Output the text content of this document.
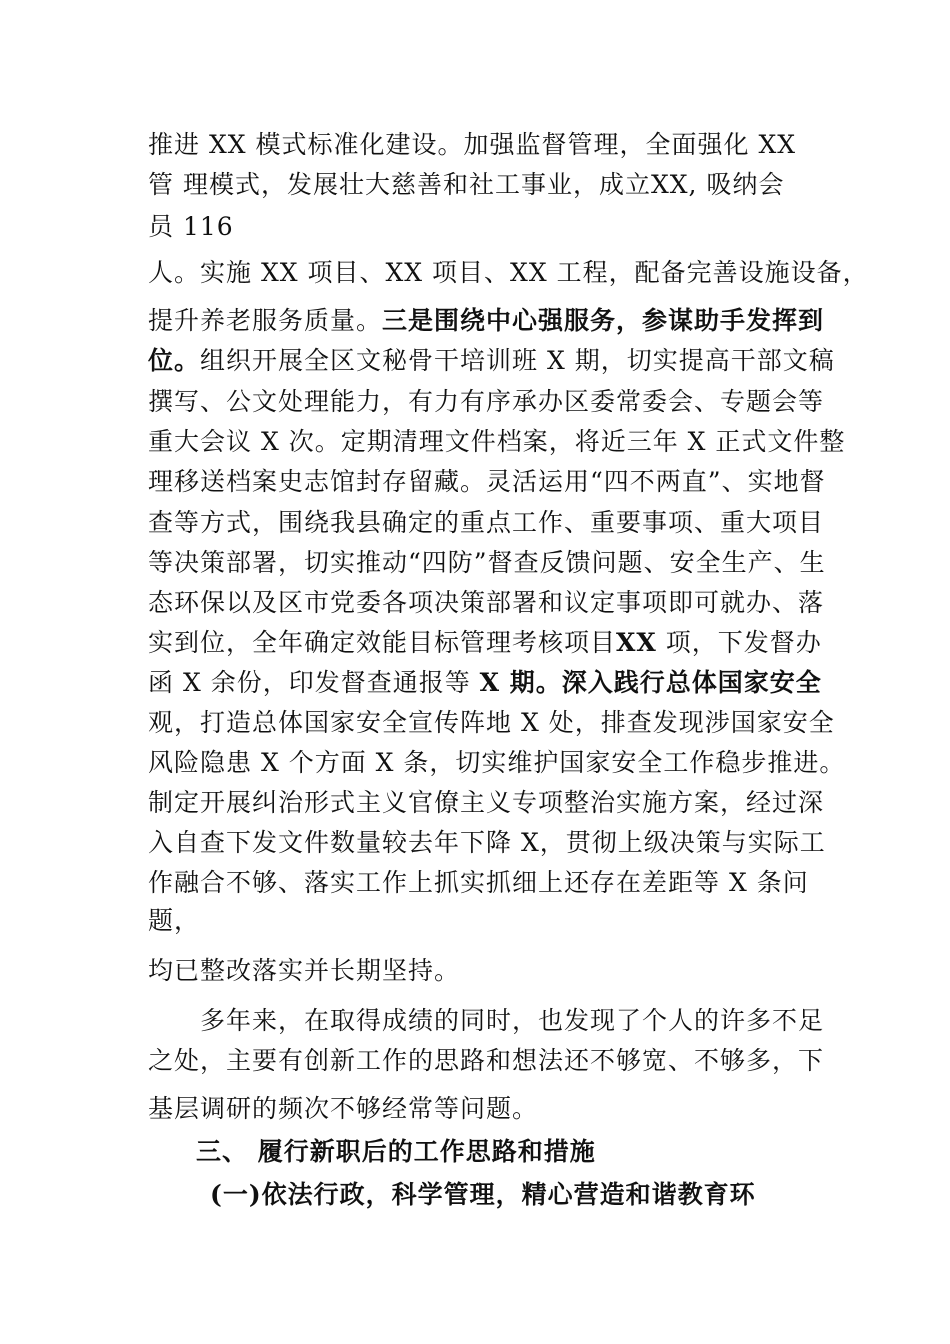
推进 XX 模式标准化建设。加强监督管理，全面强化 XX
管 理模式，发展壮大慈善和社工事业，成立XX, 吸纳会
员 116
人。实施 XX 项目、XX 项目、XX 工程，配备完善设施设备，
提升养老服务质量。三是围绕中心强服务，参谋助手发挥到
位。组织开展全区文秘骨干培训班 X 期，切实提高干部文稿
撰写、公文处理能力，有力有序承办区委常委会、专题会等
重大会议 X 次。定期清理文件档案，将近三年 X 正式文件整
理移送档案史志馆封存留藏。灵活运用“四不两直”、实地督
查等方式，围绕我县确定的重点工作、重要事项、重大项目
等决策部署，切实推动“四防”督查反馈问题、安全生产、生
态环保以及区市党委各项决策部署和议定事项即可就办、落
实到位，全年确定效能目标管理考核项目XX 项，下发督办
函 X 余份，印发督查通报等 X 期。深入践行总体国家安全
观，打造总体国家安全宣传阵地 X 处，排查发现涉国家安全
风险隐患 X 个方面 X 条，切实维护国家安全工作稳步推进。
制定开展纠治形式主义官僚主义专项整治实施方案，经过深
入自查下发文件数量较去年下降 X，贯彻上级决策与实际工
作融合不够、落实工作上抓实抓细上还存在差距等 X 条问
题，
均已整改落实并长期坚持。
多年来，在取得成绩的同时，也发现了个人的许多不足
之处，主要有创新工作的思路和想法还不够宽、不够多，下
基层调研的频次不够经常等问题。
三、 履行新职后的工作思路和措施
(一)依法行政，科学管理，精心营造和谐教育环
